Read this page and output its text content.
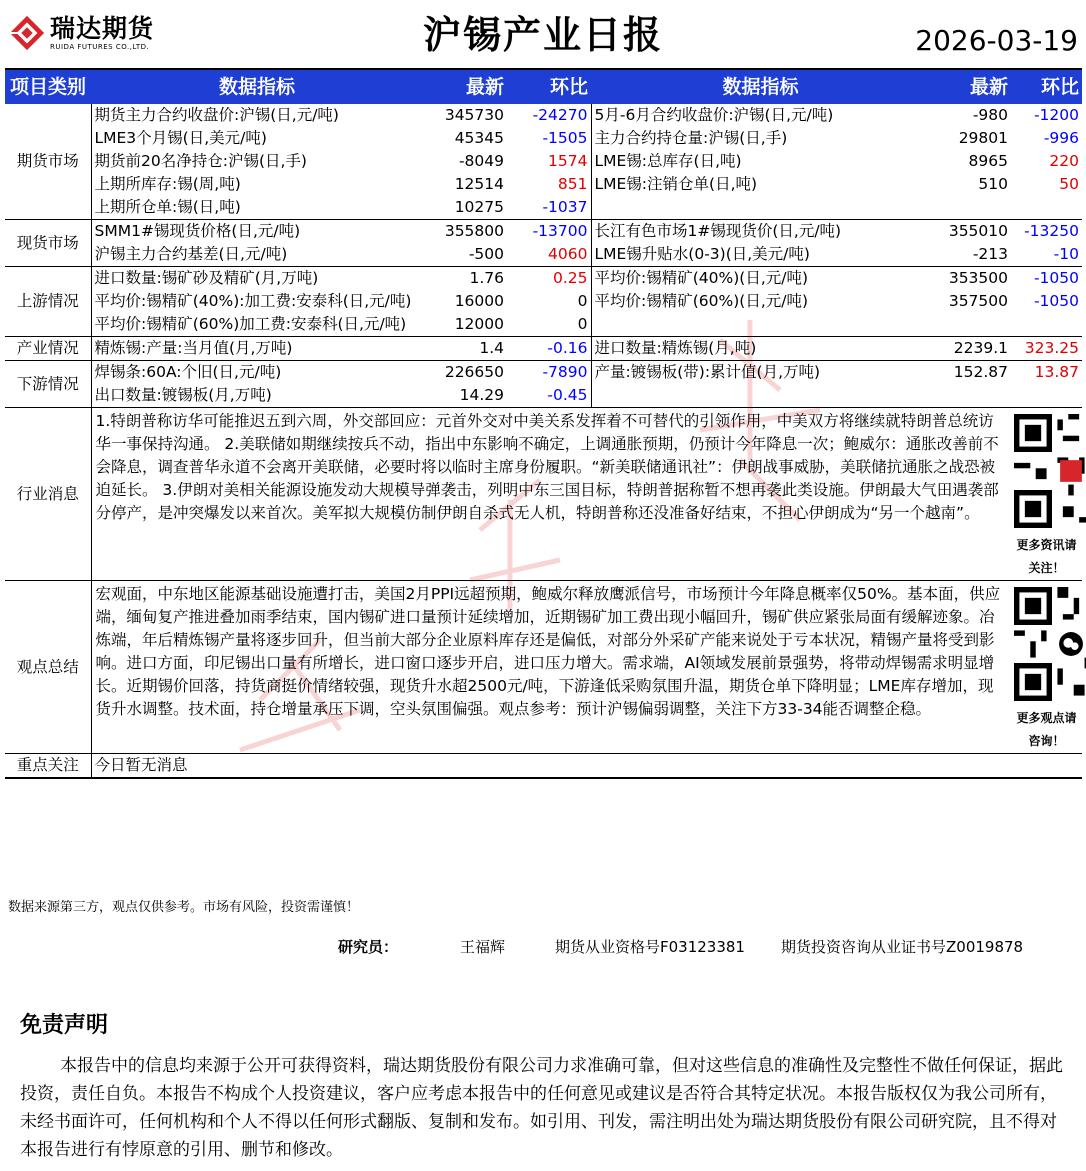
瑞达期货
RUIDA FUTURES CO.,LTD.	沪锡产业日报	2026-03-19
项目类别	数据指标	最新	环比	数据指标	最新	环比
期货市场	期货主力合约收盘价:沪锡(日,元/吨)	345730	-24270	5月-6月合约收盘价:沪锡(日,元/吨)	-980	-1200
	LME3个月锡(日,美元/吨)	45345	-1505	主力合约持仓量:沪锡(日,手)	29801	-996
	期货前20名净持仓:沪锡(日,手)	-8049	1574	LME锡:总库存(日,吨)	8965	220
	上期所库存:锡(周,吨)	12514	851	LME锡:注销仓单(日,吨)	510	50
	上期所仓单:锡(日,吨)	10275	-1037			
现货市场	SMM1#锡现货价格(日,元/吨)	355800	-13700	长江有色市场1#锡现货价(日,元/吨)	355010	-13250
	沪锡主力合约基差(日,元/吨)	-500	4060	LME锡升贴水(0-3)(日,美元/吨)	-213	-10
上游情况	进口数量:锡矿砂及精矿(月,万吨)	1.76	0.25	平均价:锡精矿(40%)(日,元/吨)	353500	-1050
	平均价:锡精矿(40%):加工费:安泰科(日,元/吨)	16000	0	平均价:锡精矿(60%)(日,元/吨)	357500	-1050
	平均价:锡精矿(60%)加工费:安泰科(日,元/吨)	12000	0			
产业情况	精炼锡:产量:当月值(月,万吨)	1.4	-0.16	进口数量:精炼锡(月,吨)	2239.1	323.25
下游情况	焊锡条:60A:个旧(日,元/吨)	226650	-7890	产量:镀锡板(带):累计值(月,万吨)	152.87	13.87
	出口数量:镀锡板(月,万吨)	14.29	-0.45			
行业消息	1.特朗普称访华可能推迟五到六周，外交部回应：元首外交对中美关系发挥着不可替代的引领作用，中美双方将继续就特朗普总统访华一事保持沟通。 2.美联储如期继续按兵不动，指出中东影响不确定，上调通胀预期，仍预计今年降息一次；鲍威尔：通胀改善前不会降息，调查普华永道不会离开美联储，必要时将以临时主席身份履职。“新美联储通讯社”：伊朗战事威胁，美联储抗通胀之战恐被迫延长。 3.伊朗对美相关能源设施发动大规模导弹袭击，列明中东三国目标，特朗普据称暂不想再袭此类设施。伊朗最大气田遇袭部分停产，是冲突爆发以来首次。美军拟大规模仿制伊朗自杀式无人机，特朗普称还没准备好结束，不担心伊朗成为“另一个越南”。					更多资讯请关注！

观点总结	宏观面，中东地区能源基础设施遭打击，美国2月PPI远超预期，鲍威尔释放鹰派信号，市场预计今年降息概率仅50%。基本面，供应端，缅甸复产推进叠加雨季结束，国内锡矿进口量预计延续增加，近期锡矿加工费出现小幅回升，锡矿供应紧张局面有缓解迹象。冶炼端，年后精炼锡产量将逐步回升，但当前大部分企业原料库存还是偏低，对部分外采矿产能来说处于亏本状况，精锡产量将受到影响。进口方面，印尼锡出口量有所增长，进口窗口逐步开启，进口压力增大。需求端，AI领域发展前景强势，将带动焊锡需求明显增长。近期锡价回落，持货商挺价情绪较强，现货升水超2500元/吨，下游逢低采购氛围升温，期货仓单下降明显；LME库存增加，现货升水调整。技术面，持仓增量承压下调，空头氛围偏强。观点参考：预计沪锡偏弱调整，关注下方33-34能否调整企稳。					更多观点请咨询！

重点关注	今日暂无消息					
数据来源第三方，观点仅供参考。市场有风险，投资需谨慎！
研究员：	王福辉	期货从业资格号F03123381 期货投资咨询从业证书号Z0019878
免责声明
本报告中的信息均来源于公开可获得资料，瑞达期货股份有限公司力求准确可靠，但对这些信息的准确性及完整性不做任何保证，据此投资，责任自负。本报告不构成个人投资建议，客户应考虑本报告中的任何意见或建议是否符合其特定状况。本报告版权仅为我公司所有，未经书面许可，任何机构和个人不得以任何形式翻版、复制和发布。如引用、刊发，需注明出处为瑞达期货股份有限公司研究院，且不得对本报告进行有悖原意的引用、删节和修改。
